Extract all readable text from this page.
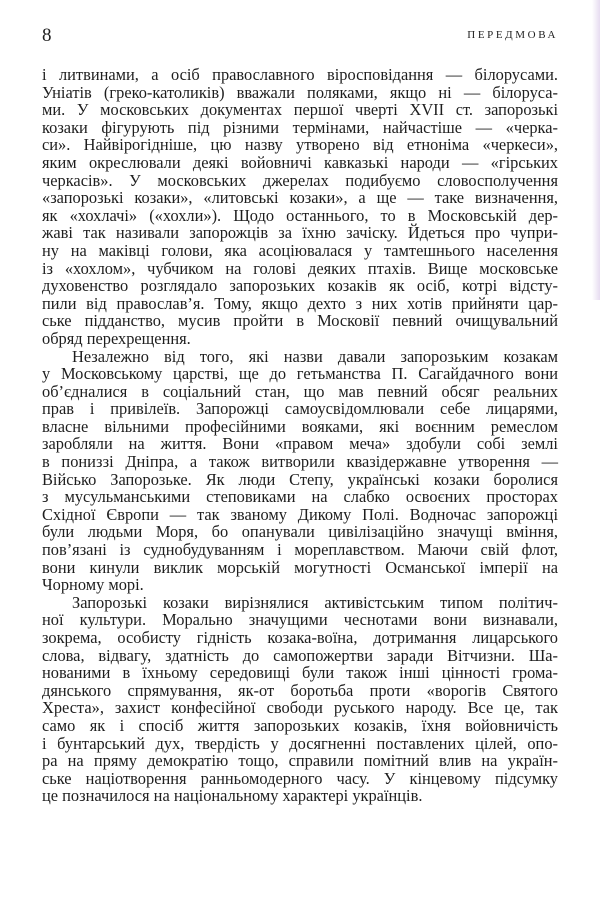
8	ПЕРЕДМОВА
і литвинами, а осіб православного віросповідання — білорусами.
Уніатів (греко-католиків) вважали поляками, якщо ні — білоруса-
ми. У московських документах першої чверті XVII ст. запорозькі
козаки фігурують під різними термінами, найчастіше — «черка-
си». Найвірогідніше, цю назву утворено від етноніма «черкеси»,
яким окреслювали деякі войовничі кавказькі народи — «гірських
черкасів». У московських джерелах подибуємо словосполучення
«запорозькі козаки», «литовські козаки», а ще — таке визначення,
як «хохлачі» («хохли»). Щодо останнього, то в Московській дер-
жаві так називали запорожців за їхню зачіску. Йдеться про чупри-
ну на маківці голови, яка асоціювалася у тамтешнього населення
із «хохлом», чубчиком на голові деяких птахів. Вище московське
духовенство розглядало запорозьких козаків як осіб, котрі відсту-
пили від православ’я. Тому, якщо дехто з них хотів прийняти цар-
ське підданство, мусив пройти в Московії певний очищувальний
обряд перехрещення.
Незалежно від того, які назви давали запорозьким козакам
у Московському царстві, ще до гетьманства П. Сагайдачного вони
об’єдналися в соціальний стан, що мав певний обсяг реальних
прав і привілеїв. Запорожці самоусвідомлювали себе лицарями,
власне вільними професійними вояками, які воєнним ремеслом
заробляли на життя. Вони «правом меча» здобули собі землі
в пониззі Дніпра, а також витворили квазідержавне утворення —
Військо Запорозьке. Як люди Степу, українські козаки боролися
з мусульманськими степовиками на слабко освоєних просторах
Східної Європи — так званому Дикому Полі. Водночас запорожці
були людьми Моря, бо опанували цивілізаційно значущі вміння,
пов’язані із суднобудуванням і мореплавством. Маючи свій флот,
вони кинули виклик морській могутності Османської імперії на
Чорному морі.
Запорозькі козаки вирізнялися активістським типом політич-
ної культури. Морально значущими чеснотами вони визнавали,
зокрема, особисту гідність козака-воїна, дотримання лицарського
слова, відвагу, здатність до самопожертви заради Вітчизни. Ша-
нованими в їхньому середовищі були також інші цінності грома-
дянського спрямування, як-от боротьба проти «ворогів Святого
Хреста», захист конфесійної свободи руського народу. Все це, так
само як і спосіб життя запорозьких козаків, їхня войовничість
і бунтарський дух, твердість у досягненні поставлених цілей, опо-
ра на пряму демократію тощо, справили помітний влив на україн-
ське націотворення ранньомодерного часу. У кінцевому підсумку
це позначилося на національному характері українців.
